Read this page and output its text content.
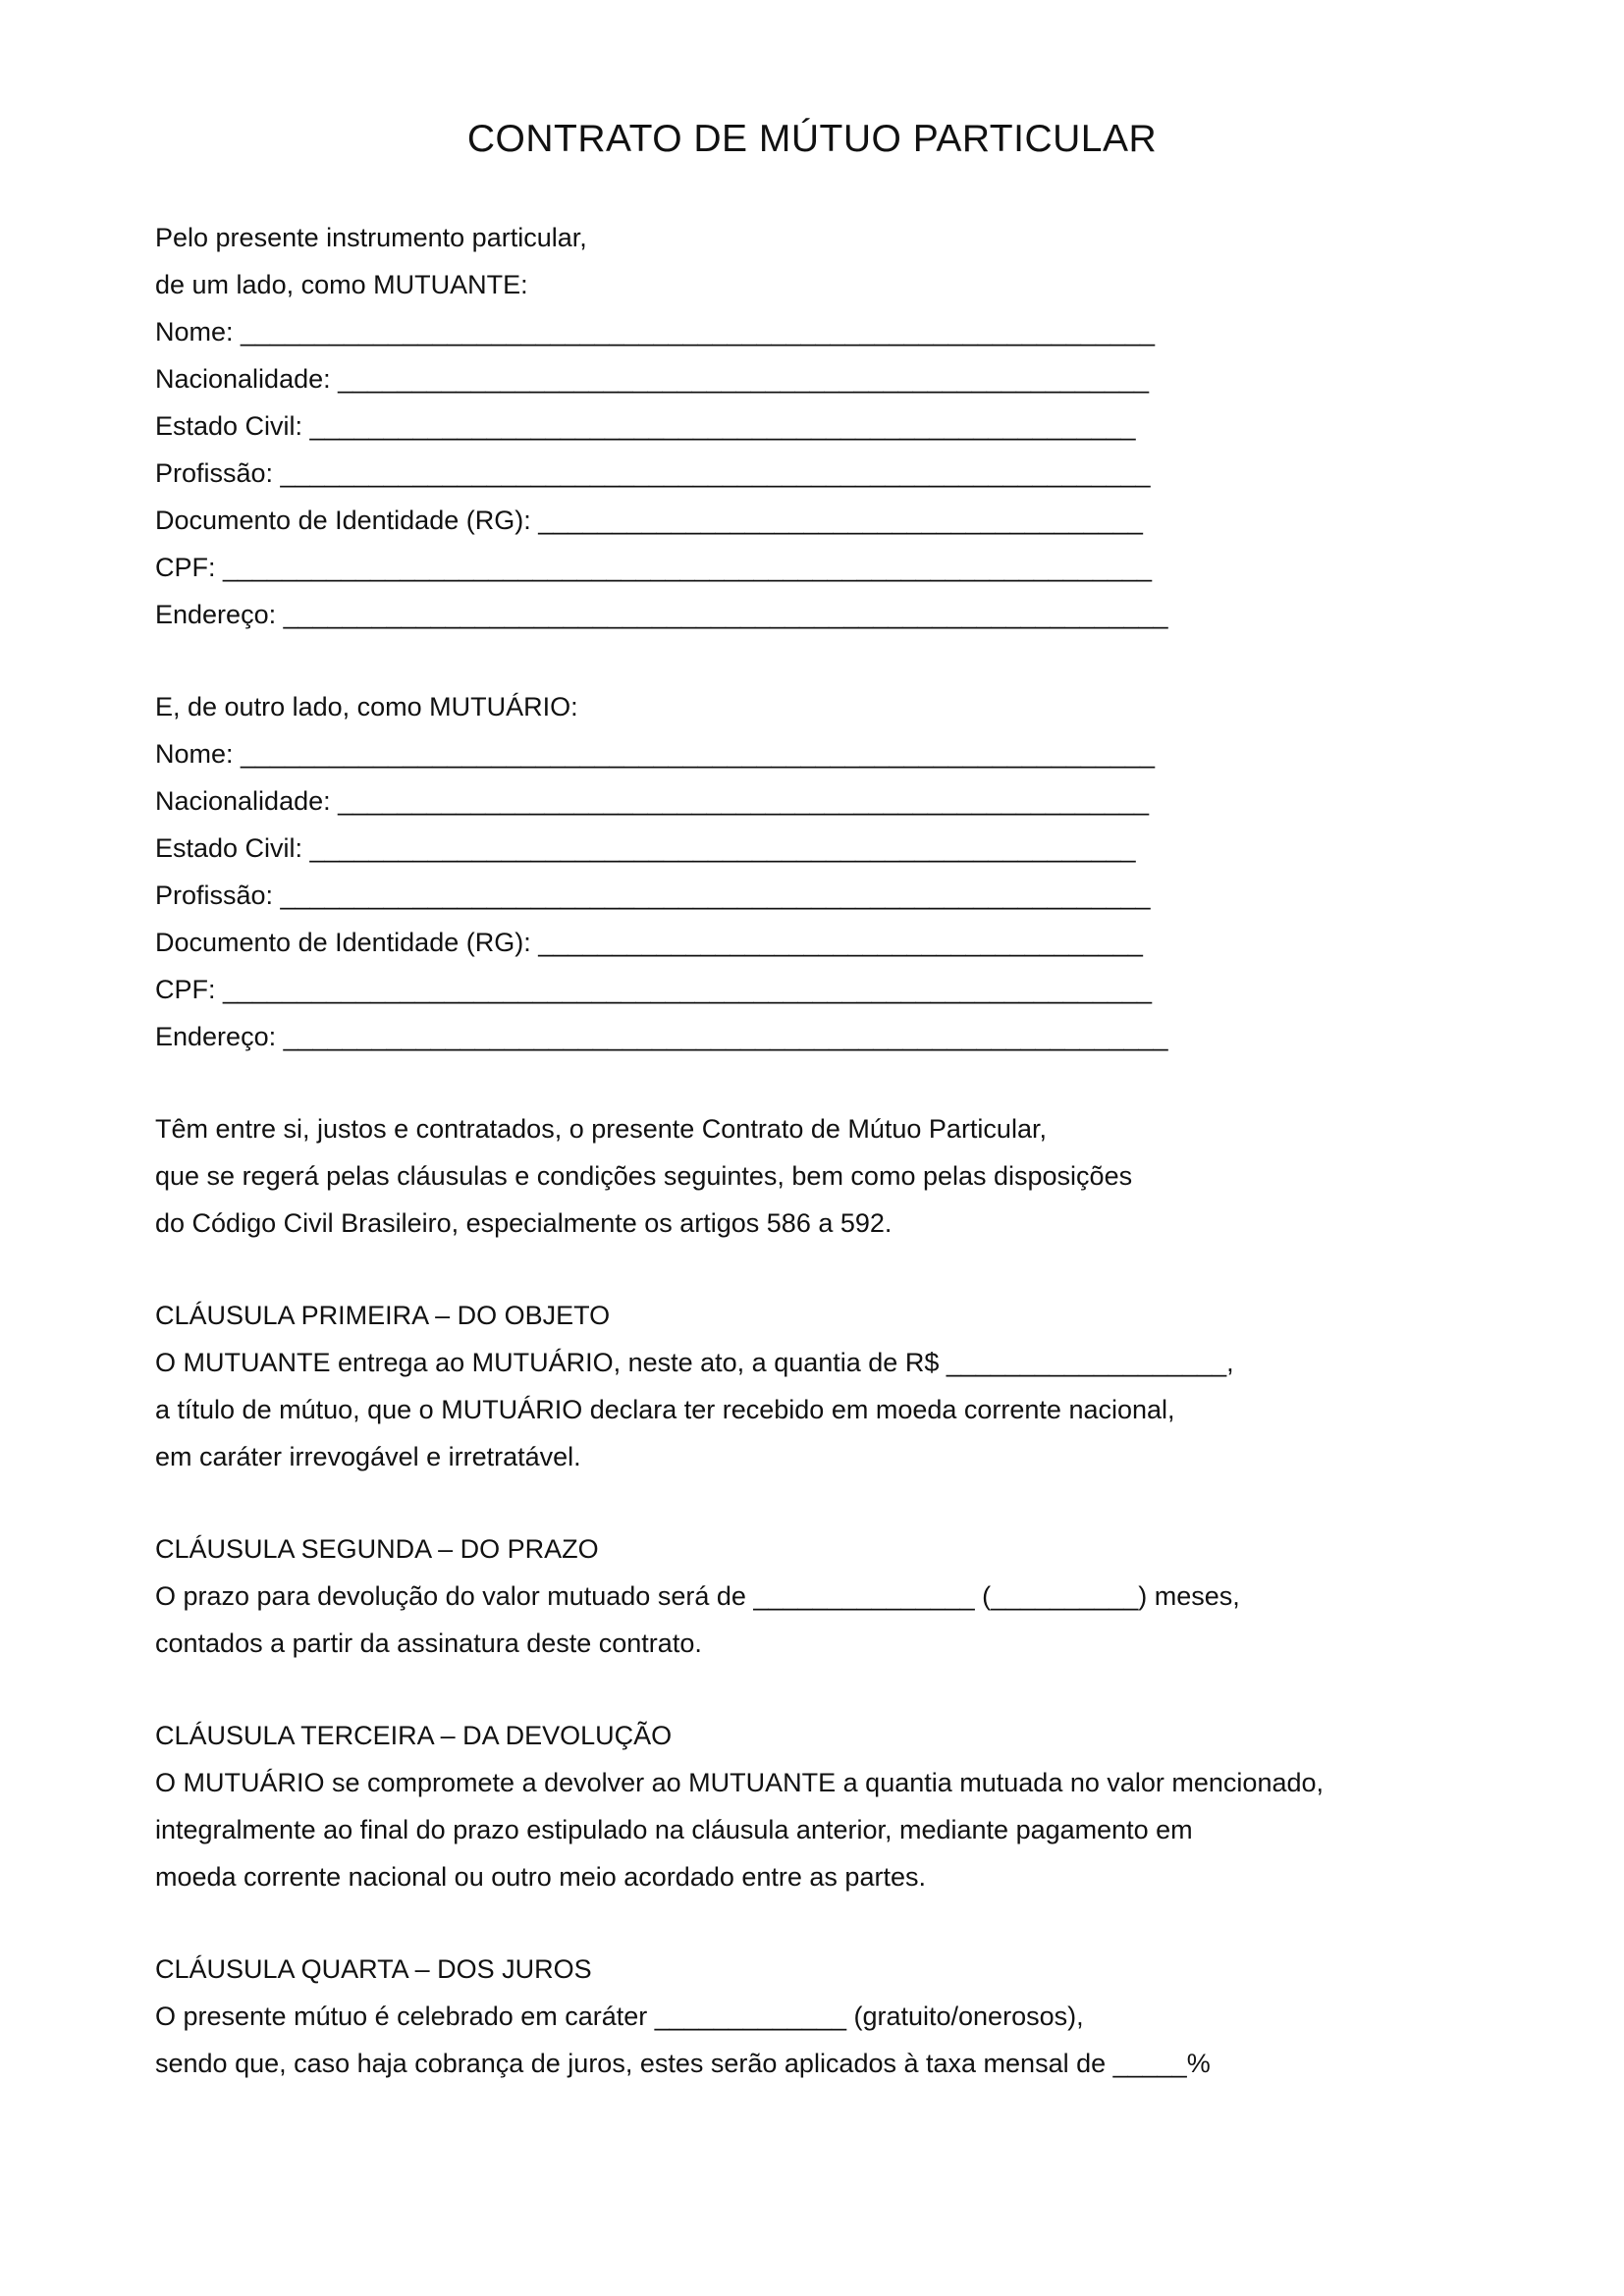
CONTRATO DE MÚTUO PARTICULAR
Pelo presente instrumento particular,
de um lado, como MUTUANTE:
Nome: ______________________________________________________________
Nacionalidade: _______________________________________________________
Estado Civil: ________________________________________________________
Profissão: ___________________________________________________________
Documento de Identidade (RG): _________________________________________
CPF: _______________________________________________________________
Endereço: ____________________________________________________________
E, de outro lado, como MUTUÁRIO:
Nome: ______________________________________________________________
Nacionalidade: _______________________________________________________
Estado Civil: ________________________________________________________
Profissão: ___________________________________________________________
Documento de Identidade (RG): _________________________________________
CPF: _______________________________________________________________
Endereço: ____________________________________________________________
Têm entre si, justos e contratados, o presente Contrato de Mútuo Particular,
que se regerá pelas cláusulas e condições seguintes, bem como pelas disposições
do Código Civil Brasileiro, especialmente os artigos 586 a 592.
CLÁUSULA PRIMEIRA – DO OBJETO
O MUTUANTE entrega ao MUTUÁRIO, neste ato, a quantia de R$ ___________________,
a título de mútuo, que o MUTUÁRIO declara ter recebido em moeda corrente nacional,
em caráter irrevogável e irretratável.
CLÁUSULA SEGUNDA – DO PRAZO
O prazo para devolução do valor mutuado será de _______________ (__________) meses,
contados a partir da assinatura deste contrato.
CLÁUSULA TERCEIRA – DA DEVOLUÇÃO
O MUTUÁRIO se compromete a devolver ao MUTUANTE a quantia mutuada no valor mencionado,
integralmente ao final do prazo estipulado na cláusula anterior, mediante pagamento em
moeda corrente nacional ou outro meio acordado entre as partes.
CLÁUSULA QUARTA – DOS JUROS
O presente mútuo é celebrado em caráter _____________ (gratuito/onerosos),
sendo que, caso haja cobrança de juros, estes serão aplicados à taxa mensal de _____%
